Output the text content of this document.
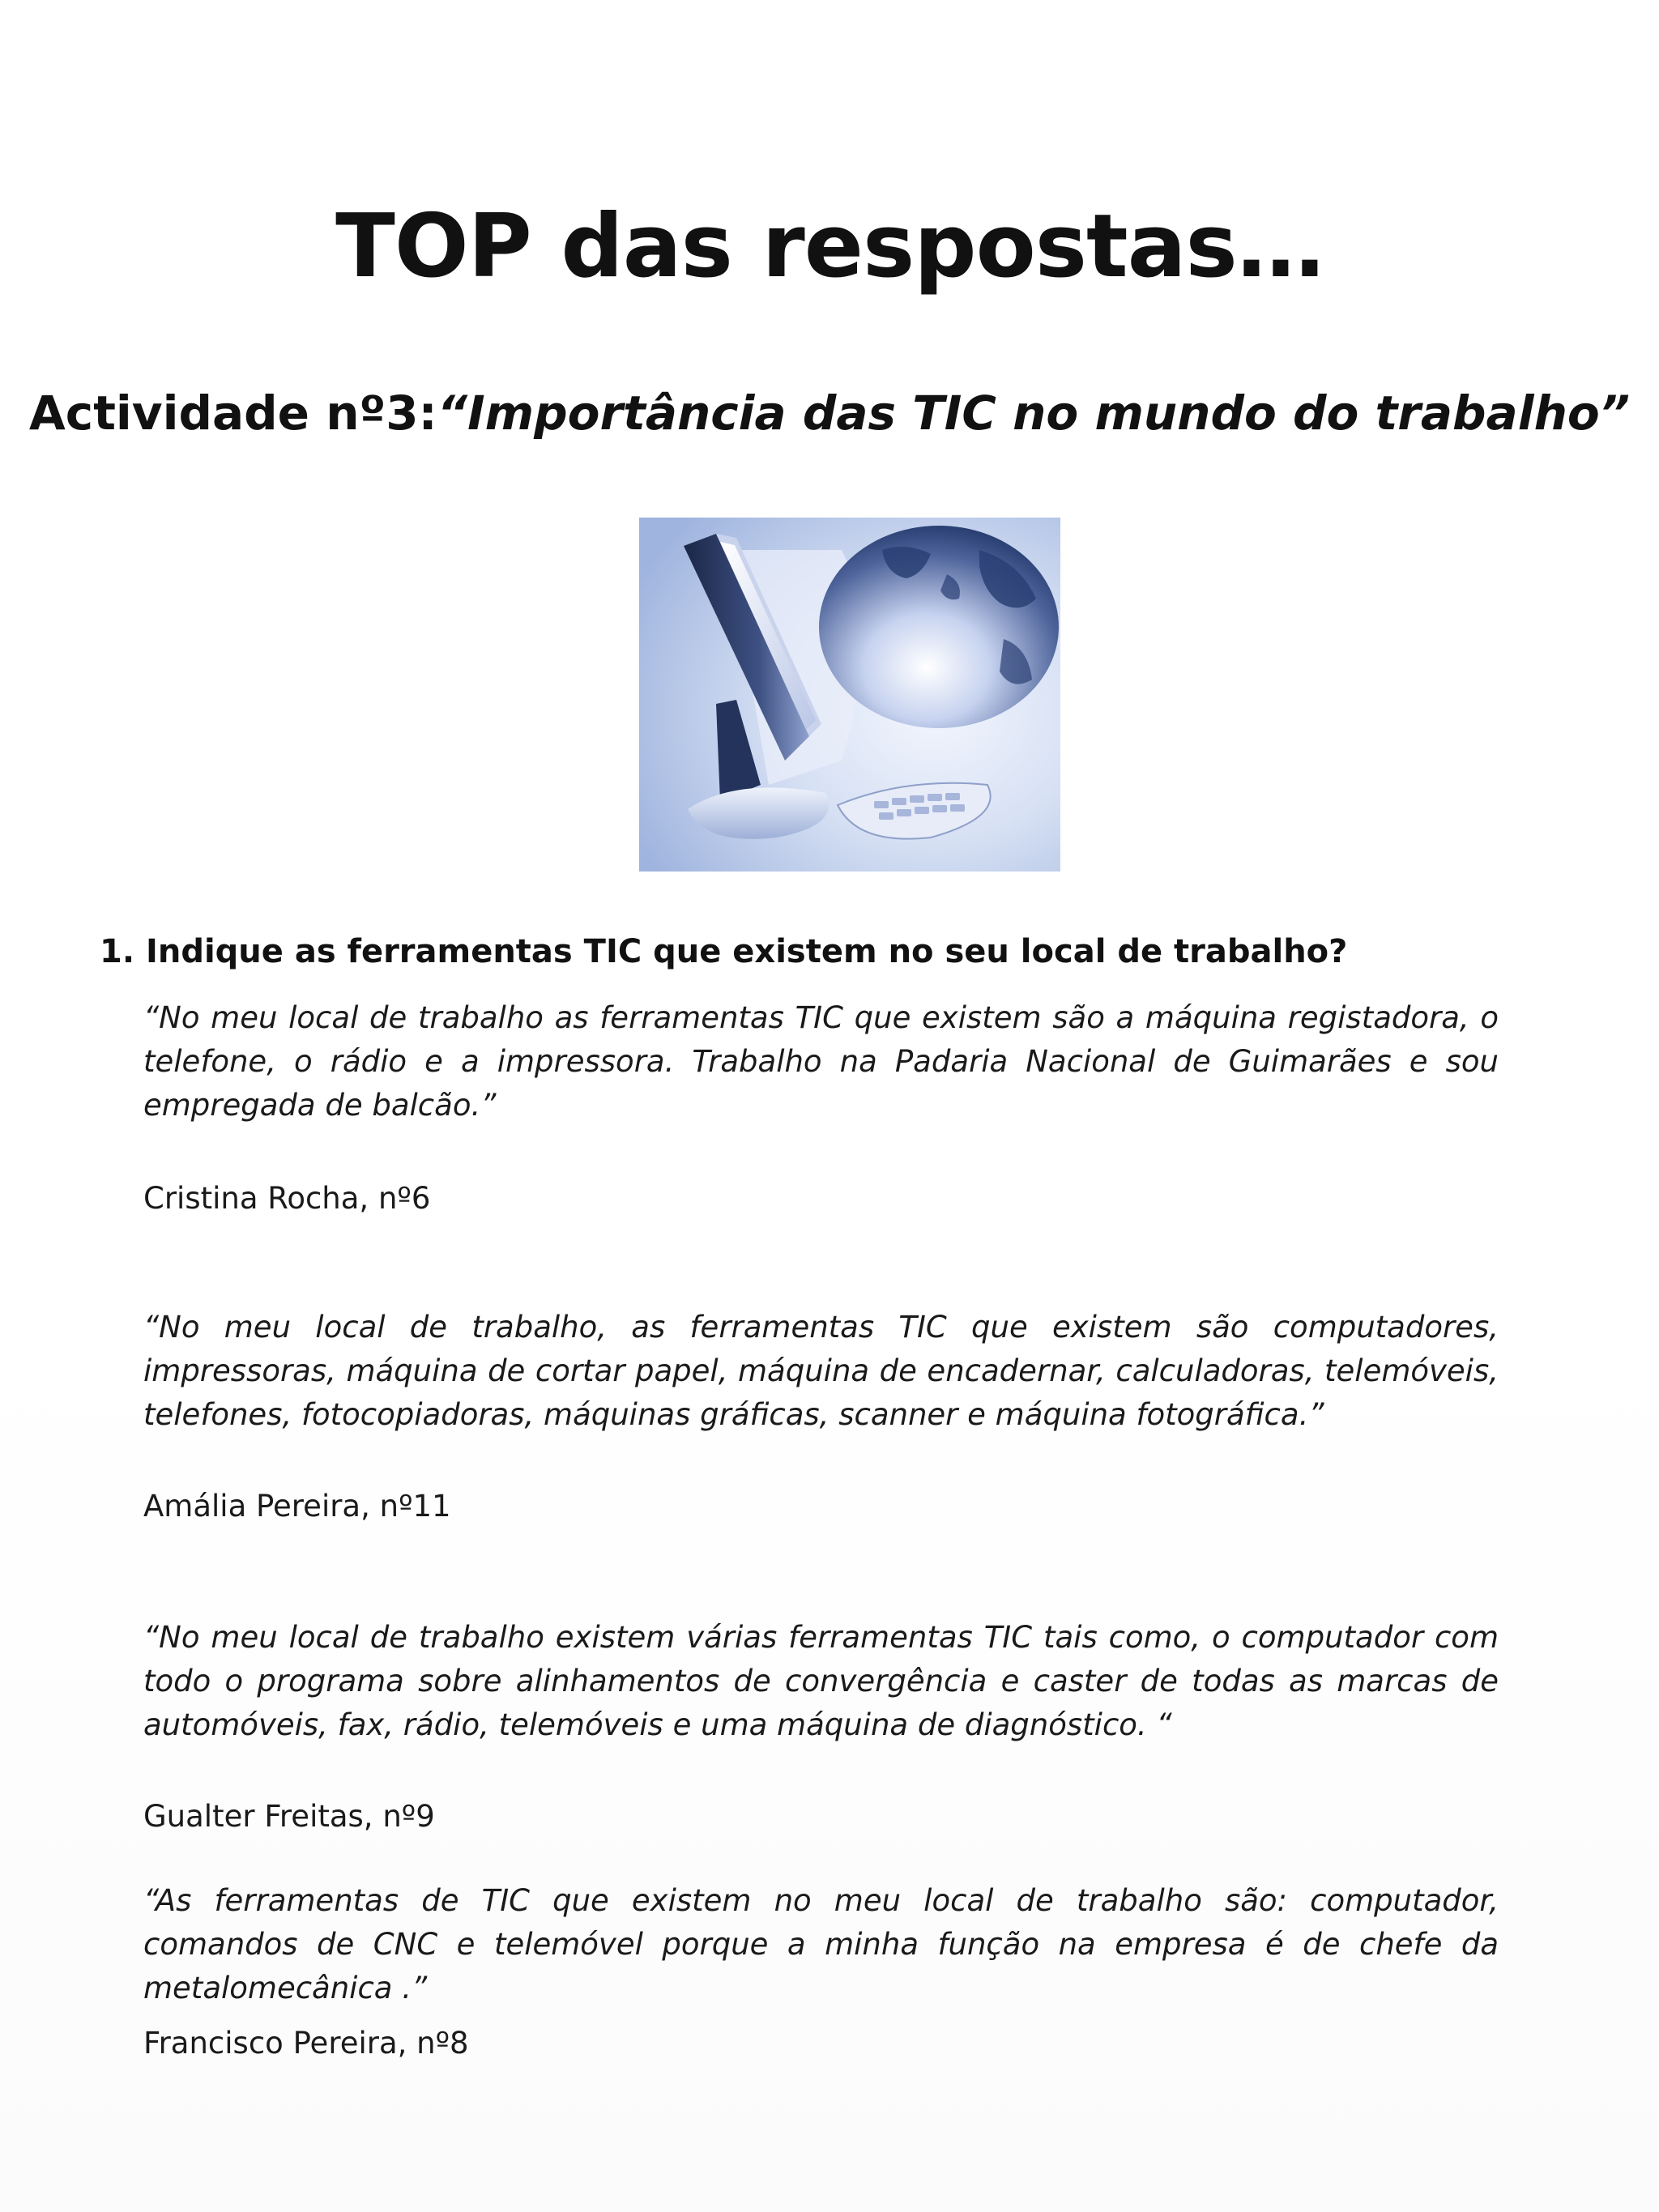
TOP das respostas…
Actividade nº3:“Importância das TIC no mundo do trabalho”
1. Indique as ferramentas TIC que existem no seu local de trabalho?
“No meu local de trabalho as ferramentas TIC que existem são a máquina registadora, o telefone, o rádio e a impressora. Trabalho na Padaria Nacional de Guimarães e sou empregada de balcão.”
Cristina Rocha, nº6
“No meu local de trabalho, as ferramentas TIC que existem são computadores, impressoras, máquina de cortar papel, máquina de encadernar, calculadoras, telemóveis, telefones, fotocopiadoras, máquinas gráficas, scanner e máquina fotográfica.”
Amália Pereira, nº11
“No meu local de trabalho existem várias ferramentas TIC tais como, o computador com todo o programa sobre alinhamentos de convergência e caster de todas as marcas de automóveis, fax, rádio, telemóveis e uma máquina de diagnóstico. “
Gualter Freitas, nº9
“As ferramentas de TIC que existem no meu local de trabalho são: computador, comandos de CNC e telemóvel porque a minha função na empresa é de chefe da metalomecânica .”
Francisco Pereira, nº8
